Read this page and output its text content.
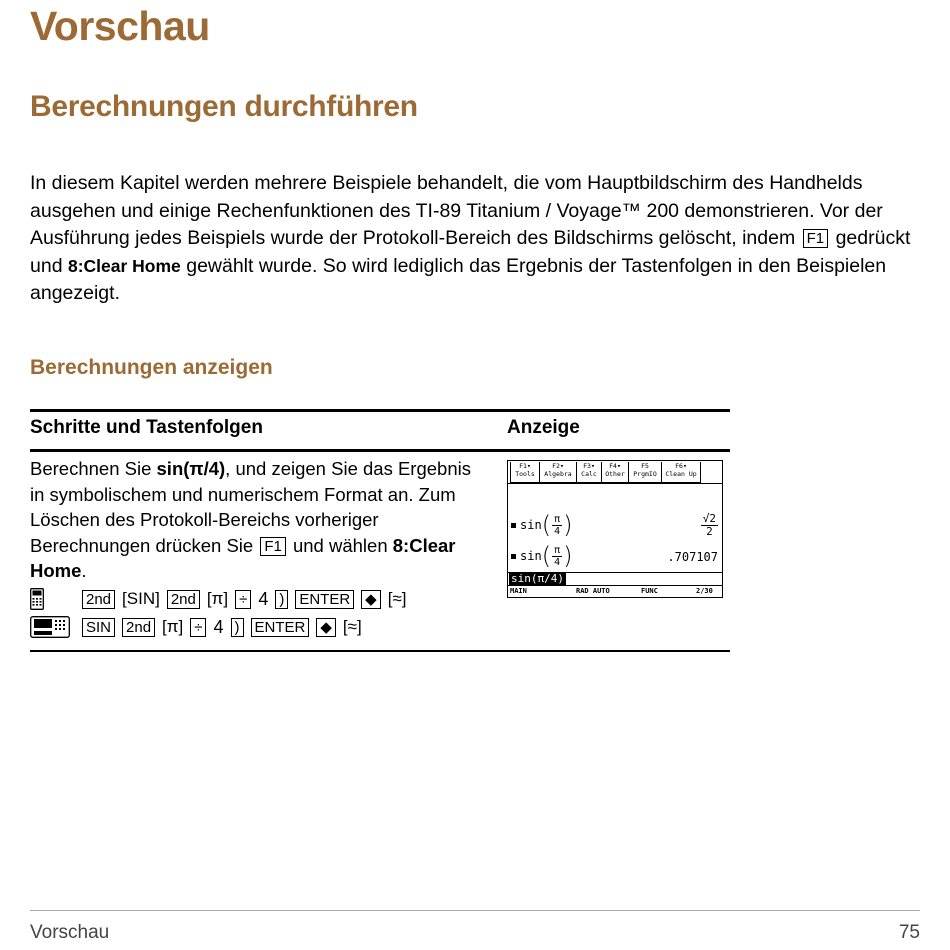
Vorschau
Berechnungen durchführen

In diesem Kapitel werden mehrere Beispiele behandelt, die vom Hauptbildschirm des Handhelds ausgehen und einige Rechenfunktionen des TI-89 Titanium / Voyage™ 200 demonstrieren. Vor der Ausführung jedes Beispiels wurde der Protokoll-Bereich des Bildschirms gelöscht, indem F1 gedrückt und 8:Clear Home gewählt wurde. So wird lediglich das Ergebnis der Tastenfolgen in den Beispielen angezeigt.

Berechnungen anzeigen
Schritte und Tastenfolgen	Anzeige

Berechnen Sie sin(π/4), und zeigen Sie das Ergebnis in symbolischem und numerischem Format an. Zum Löschen des Protokoll-Bereichs vorheriger Berechnungen drücken Sie F1 und wählen 8:Clear Home.

2nd [SIN] 2nd [π] ÷ 4 ) ENTER ◆ [≈]
SIN 2nd [π] ÷ 4 ) ENTER ◆ [≈]
F1▾
Tools
F2▾
Algebra
F3▾
Calc
F4▾
Other
F5
PrgmIO
F6▾
Clean Up
sin ( $\frac{\pi}{4}$ )	$\frac{√2}{2}$
sin ( $\frac{\pi}{4}$ )	.707107
sin(π/4)
MAIN	RAD AUTO	FUNC	2/30
Vorschau	75
